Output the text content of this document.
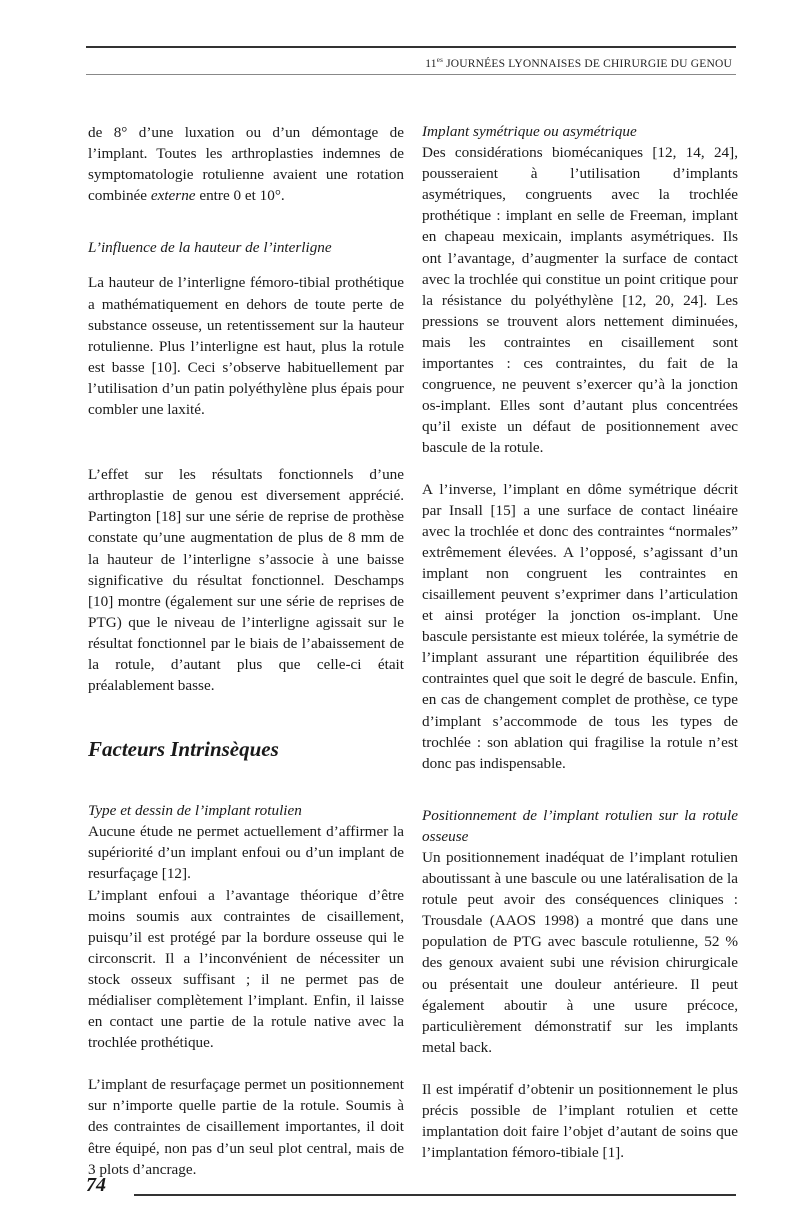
$11^{es}$ JOURNÉES LYONNAISES DE CHIRURGIE DU GENOU

de 8° d’une luxation ou d’un démontage de l’implant. Toutes les arthroplasties indemnes de symptomatologie rotulienne avaient une rotation combinée externe entre 0 et 10°.

L’influence de la hauteur de l’interligne

La hauteur de l’interligne fémoro-tibial prothétique a mathématiquement en dehors de toute perte de substance osseuse, un retentissement sur la hauteur rotulienne. Plus l’interligne est haut, plus la rotule est basse [10]. Ceci s’observe habituellement par l’utilisation d’un patin polyéthylène plus épais pour combler une laxité.

L’effet sur les résultats fonctionnels d’une arthroplastie de genou est diversement apprécié. Partington [18] sur une série de reprise de prothèse constate qu’une augmentation de plus de 8 mm de la hauteur de l’interligne s’associe à une baisse significative du résultat fonctionnel. Deschamps [10] montre (également sur une série de reprises de PTG) que le niveau de l’interligne agissait sur le résultat fonctionnel par le biais de l’abaissement de la rotule, d’autant plus que celle-ci était préalablement basse.

Facteurs Intrinsèques

Type et dessin de l’implant rotulien

Aucune étude ne permet actuellement d’affirmer la supériorité d’un implant enfoui ou d’un implant de resurfaçage [12].

L’implant enfoui a l’avantage théorique d’être moins soumis aux contraintes de cisaillement, puisqu’il est protégé par la bordure osseuse qui le circonscrit. Il a l’inconvénient de nécessiter un stock osseux suffisant ; il ne permet pas de médialiser complètement l’implant. Enfin, il laisse en contact une partie de la rotule native avec la trochlée prothétique.

L’implant de resurfaçage permet un positionnement sur n’importe quelle partie de la rotule. Soumis à des contraintes de cisaillement importantes, il doit être équipé, non pas d’un seul plot central, mais de 3 plots d’ancrage.

Implant symétrique ou asymétrique

Des considérations biomécaniques [12, 14, 24], pousseraient à l’utilisation d’implants asymétriques, congruents avec la trochlée prothétique : implant en selle de Freeman, implant en chapeau mexicain, implants asymétriques. Ils ont l’avantage, d’augmenter la surface de contact avec la trochlée qui constitue un point critique pour la résistance du polyéthylène [12, 20, 24]. Les pressions se trouvent alors nettement diminuées, mais les contraintes en cisaillement sont importantes : ces contraintes, du fait de la congruence, ne peuvent s’exercer qu’à la jonction os-implant. Elles sont d’autant plus concentrées qu’il existe un défaut de positionnement avec bascule de la rotule.

A l’inverse, l’implant en dôme symétrique décrit par Insall [15] a une surface de contact linéaire avec la trochlée et donc des contraintes “normales” extrêmement élevées. A l’opposé, s’agissant d’un implant non congruent les contraintes en cisaillement peuvent s’exprimer dans l’articulation et ainsi protéger la jonction os-implant. Une bascule persistante est mieux tolérée, la symétrie de l’implant assurant une répartition équilibrée des contraintes quel que soit le degré de bascule. Enfin, en cas de changement complet de prothèse, ce type d’implant s’accommode de tous les types de trochlée : son ablation qui fragilise la rotule n’est donc pas indispensable.

Positionnement de l’implant rotulien sur la rotule osseuse

Un positionnement inadéquat de l’implant rotulien aboutissant à une bascule ou une latéralisation de la rotule peut avoir des conséquences cliniques : Trousdale (AAOS 1998) a montré que dans une population de PTG avec bascule rotulienne, 52 % des genoux avaient subi une révision chirurgicale ou présentait une douleur antérieure. Il peut également aboutir à une usure précoce, particulièrement démonstratif sur les implants metal back.

Il est impératif d’obtenir un positionnement le plus précis possible de l’implant rotulien et cette implantation doit faire l’objet d’autant de soins que l’implantation fémoro-tibiale [1].

74
